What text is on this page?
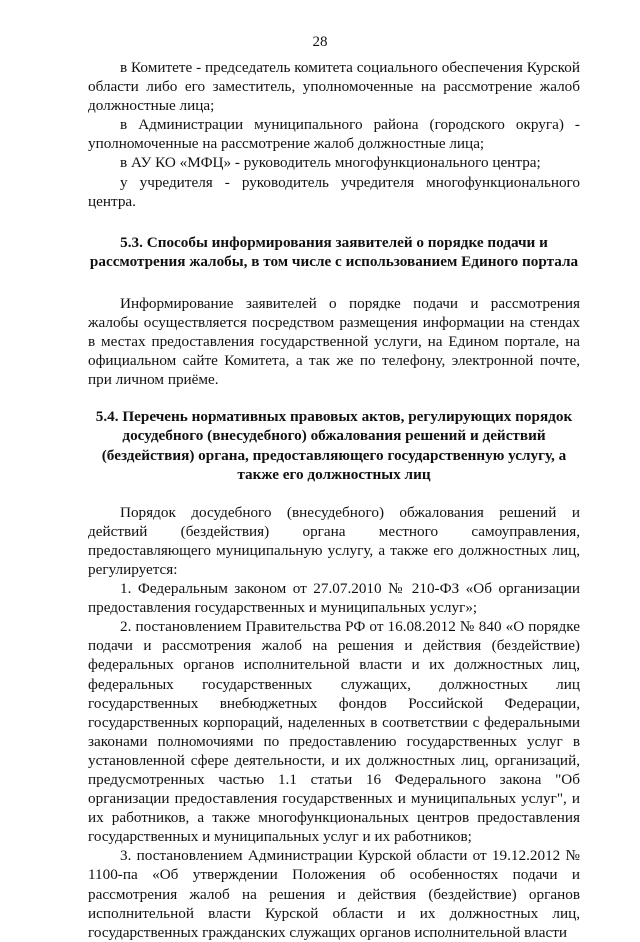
28

в Комитете - председатель комитета социального обеспечения Курской области либо его заместитель, уполномоченные на рассмотрение жалоб должностные лица;

в Администрации муниципального района (городского округа) - уполномоченные на рассмотрение жалоб должностные лица;

в АУ КО «МФЦ» - руководитель многофункционального центра;

у учредителя - руководитель учредителя многофункционального центра.

5.3. Способы информирования заявителей о порядке подачи и рассмотрения жалобы, в том числе с использованием Единого портала

Информирование заявителей о порядке подачи и рассмотрения жалобы осуществляется посредством размещения информации на стендах в местах предоставления государственной услуги, на Едином портале, на официальном сайте Комитета, а так же по телефону, электронной почте, при личном приёме.

5.4. Перечень нормативных правовых актов, регулирующих порядок досудебного (внесудебного) обжалования решений и действий (бездействия) органа, предоставляющего государственную услугу, а также его должностных лиц

Порядок досудебного (внесудебного) обжалования решений и действий (бездействия) органа местного самоуправления, предоставляющего муниципальную услугу, а также его должностных лиц, регулируется:

1. Федеральным законом от 27.07.2010 № 210-ФЗ «Об организации предоставления государственных и муниципальных услуг»;

2. постановлением Правительства РФ от 16.08.2012 № 840 «О порядке подачи и рассмотрения жалоб на решения и действия (бездействие) федеральных органов исполнительной власти и их должностных лиц, федеральных государственных служащих, должностных лиц государственных внебюджетных фондов Российской Федерации, государственных корпораций, наделенных в соответствии с федеральными законами полномочиями по предоставлению государственных услуг в установленной сфере деятельности, и их должностных лиц, организаций, предусмотренных частью 1.1 статьи 16 Федерального закона "Об организации предоставления государственных и муниципальных услуг", и их работников, а также многофункциональных центров предоставления государственных и муниципальных услуг и их работников;

3. постановлением Администрации Курской области от 19.12.2012 № 1100-па «Об утверждении Положения об особенностях подачи и рассмотрения жалоб на решения и действия (бездействие) органов исполнительной власти Курской области и их должностных лиц, государственных гражданских служащих органов исполнительной власти
